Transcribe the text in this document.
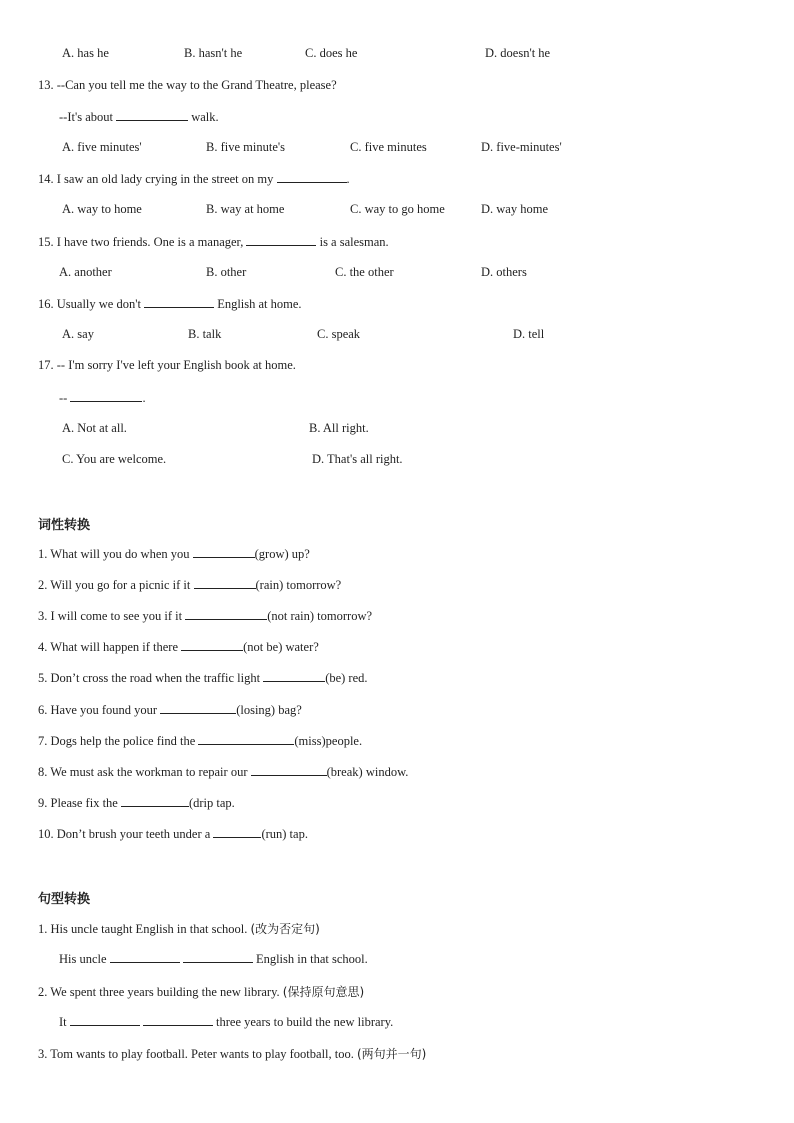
A. has he	B. hasn't he	C. does he	D. doesn't he
13. --Can you tell me the way to the Grand Theatre, please?
--It's about	walk.
A. five minutes'	B. five minute's	C. five minutes	D. five-minutes'
14. I saw an old lady crying in the street on my	.
A. way to home	B. way at home	C. way to go home	D. way home
15. I have two friends. One is a manager,	is a salesman.
A. another	B. other	C. the other	D. others
16. Usually we don't	English at home.
A. say	B. talk	C. speak	D. tell
17. -- I'm sorry I've left your English book at home.
--	.
A. Not at all.	B. All right.
C. You are welcome.	D. That's all right.
词性转换
1. What will you do when you	(grow) up?
2. Will you go for a picnic if it	(rain) tomorrow?
3. I will come to see you if it	(not rain) tomorrow?
4. What will happen if there	(not be) water?
5. Don’t cross the road when the traffic light	(be) red.
6. Have you found your	(losing) bag?
7. Dogs help the police find the	(miss)people.
8. We must ask the workman to repair our	(break) window.
9. Please fix the	(drip tap.
10. Don’t brush your teeth under a	(run) tap.
句型转换
1. His uncle taught English in that school. (改为否定句)
His uncle	English in that school.
2. We spent three years building the new library. (保持原句意思)
It	three years to build the new library.
3. Tom wants to play football. Peter wants to play football, too. (两句并一句)
